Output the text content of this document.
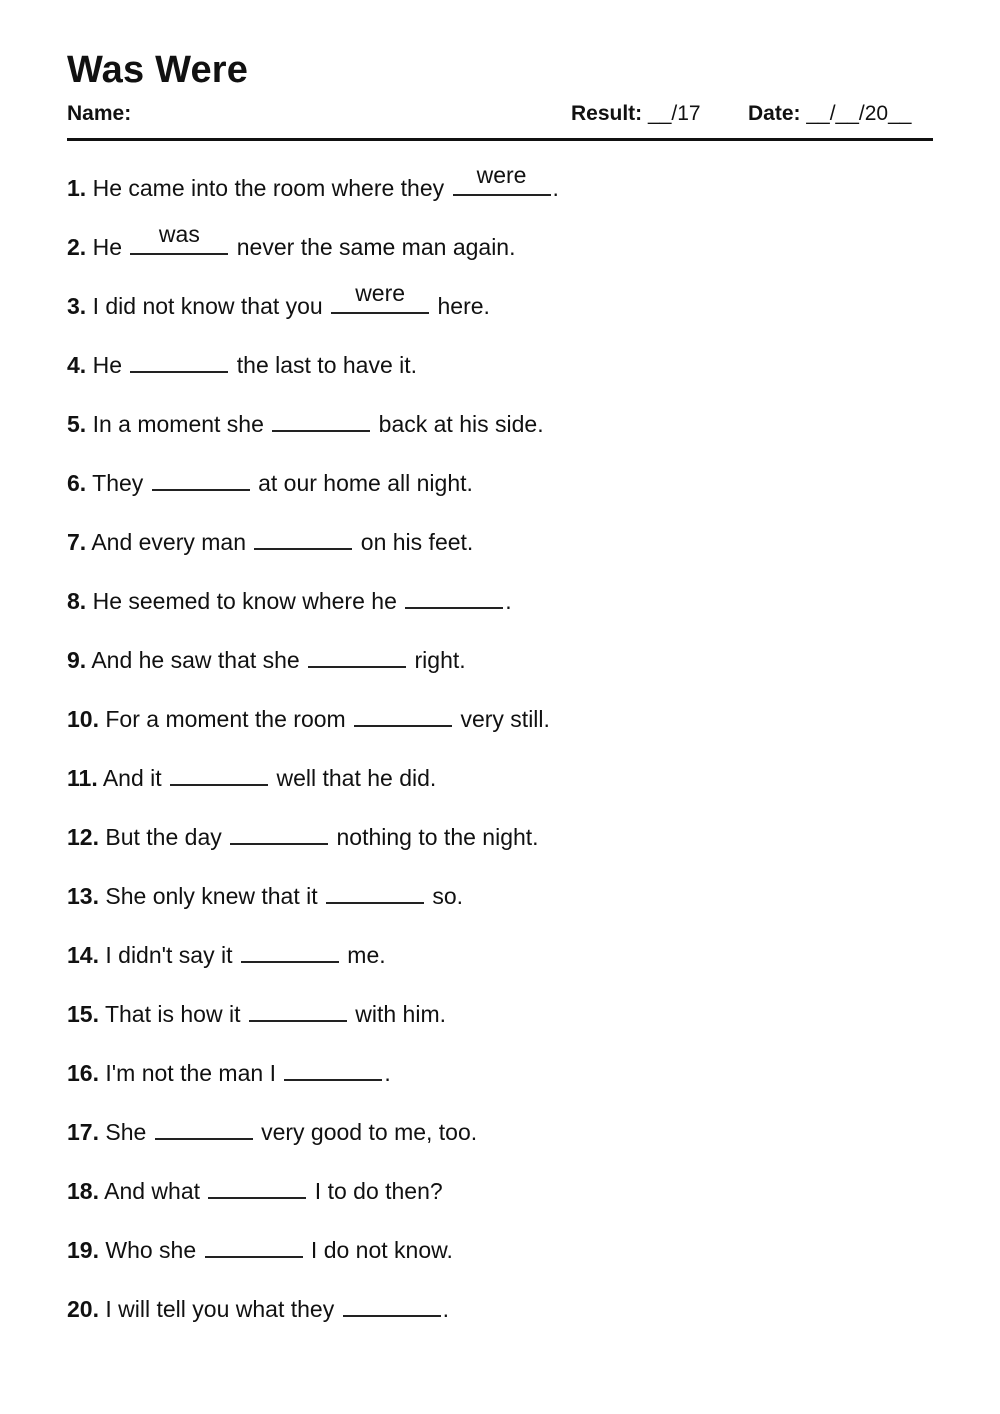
Was Were
Name:	Result: __/17 Date: __/__/20__
1. He came into the room where they	were	.
2. He	was	never the same man again.
3. I did not know that you	were	here.
4. He	the last to have it.
5. In a moment she	back at his side.
6. They	at our home all night.
7. And every man	on his feet.
8. He seemed to know where he	.
9. And he saw that she	right.
10. For a moment the room	very still.
11. And it	well that he did.
12. But the day	nothing to the night.
13. She only knew that it	so.
14. I didn't say it	me.
15. That is how it	with him.
16. I'm not the man I	.
17. She	very good to me, too.
18. And what	I to do then?
19. Who she	I do not know.
20. I will tell you what they	.
